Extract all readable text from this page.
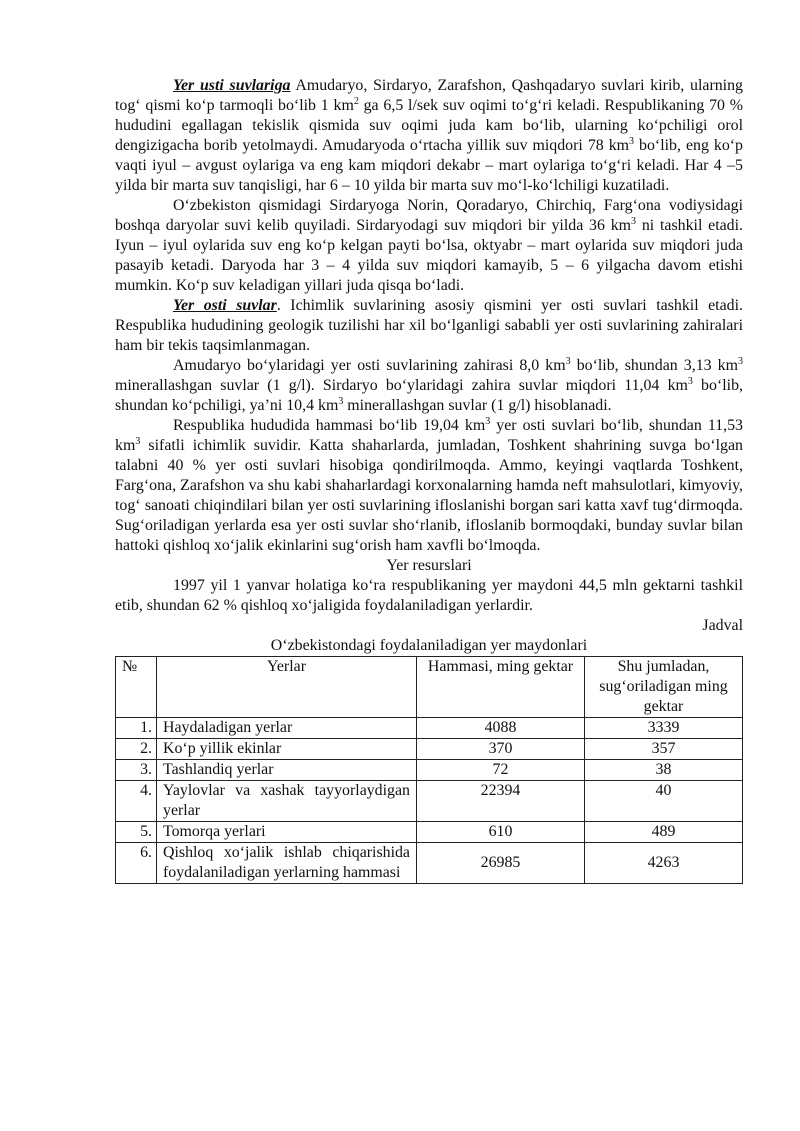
Yer usti suvlariga Amudaryo, Sirdaryo, Zarafshon, Qashqadaryo suvlari kirib, ularning tog‘ qismi ko‘p tarmoqli bo‘lib 1 $km^2$ ga 6,5 l/sek suv oqimi to‘g‘ri keladi. Respublikaning 70 % hududini egallagan tekislik qismida suv oqimi juda kam bo‘lib, ularning ko‘pchiligi orol dengizigacha borib yetolmaydi. Amudaryoda o‘rtacha yillik suv miqdori 78 $km^3$ bo‘lib, eng ko‘p vaqti iyul – avgust oylariga va eng kam miqdori dekabr – mart oylariga to‘g‘ri keladi. Har 4 –5 yilda bir marta suv tanqisligi, har 6 – 10 yilda bir marta suv mo‘l-ko‘lchiligi kuzatiladi.

O‘zbekiston qismidagi Sirdaryoga Norin, Qoradaryo, Chirchiq, Farg‘ona vodiysidagi boshqa daryolar suvi kelib quyiladi. Sirdaryodagi suv miqdori bir yilda 36 $km^3$ ni tashkil etadi. Iyun – iyul oylarida suv eng ko‘p kelgan payti bo‘lsa, oktyabr – mart oylarida suv miqdori juda pasayib ketadi. Daryoda har 3 – 4 yilda suv miqdori kamayib, 5 – 6 yilgacha davom etishi mumkin. Ko‘p suv keladigan yillari juda qisqa bo‘ladi.

Yer osti suvlar. Ichimlik suvlarining asosiy qismini yer osti suvlari tashkil etadi. Respublika hududining geologik tuzilishi har xil bo‘lganligi sababli yer osti suvlarining zahiralari ham bir tekis taqsimlanmagan.

Amudaryo bo‘ylaridagi yer osti suvlarining zahirasi 8,0 $km^3$ bo‘lib, shundan 3,13 $km^3$ minerallashgan suvlar (1 g/l). Sirdaryo bo‘ylaridagi zahira suvlar miqdori 11,04 $km^3$ bo‘lib, shundan ko‘pchiligi, ya’ni 10,4 $km^3$ minerallashgan suvlar (1 g/l) hisoblanadi.

Respublika hududida hammasi bo‘lib 19,04 $km^3$ yer osti suvlari bo‘lib, shundan 11,53 $km^3$ sifatli ichimlik suvidir. Katta shaharlarda, jumladan, Toshkent shahrining suvga bo‘lgan talabni 40 % yer osti suvlari hisobiga qondirilmoqda. Ammo, keyingi vaqtlarda Toshkent, Farg‘ona, Zarafshon va shu kabi shaharlardagi korxonalarning hamda neft mahsulotlari, kimyoviy, tog‘ sanoati chiqindilari bilan yer osti suvlarining ifloslanishi borgan sari katta xavf tug‘dirmoqda. Sug‘oriladigan yerlarda esa yer osti suvlar sho‘rlanib, ifloslanib bormoqdaki, bunday suvlar bilan hattoki qishloq xo‘jalik ekinlarini sug‘orish ham xavfli bo‘lmoqda.

Yer resurslari

1997 yil 1 yanvar holatiga ko‘ra respublikaning yer maydoni 44,5 mln gektarni tashkil etib, shundan 62 % qishloq xo‘jaligida foydalaniladigan yerlardir.

Jadval

O‘zbekistondagi foydalaniladigan yer maydonlari

№	Yerlar	Hammasi, ming gektar	Shu jumladan, sug‘oriladigan ming gektar
1.	Haydaladigan yerlar	4088	3339
2.	Ko‘p yillik ekinlar	370	357
3.	Tashlandiq yerlar	72	38
4.	Yaylovlar va xashak tayyorlaydigan yerlar	22394	40
5.	Tomorqa yerlari	610	489
6.	Qishloq xo‘jalik ishlab chiqarishida foydalaniladigan yerlarning hammasi	26985	4263
